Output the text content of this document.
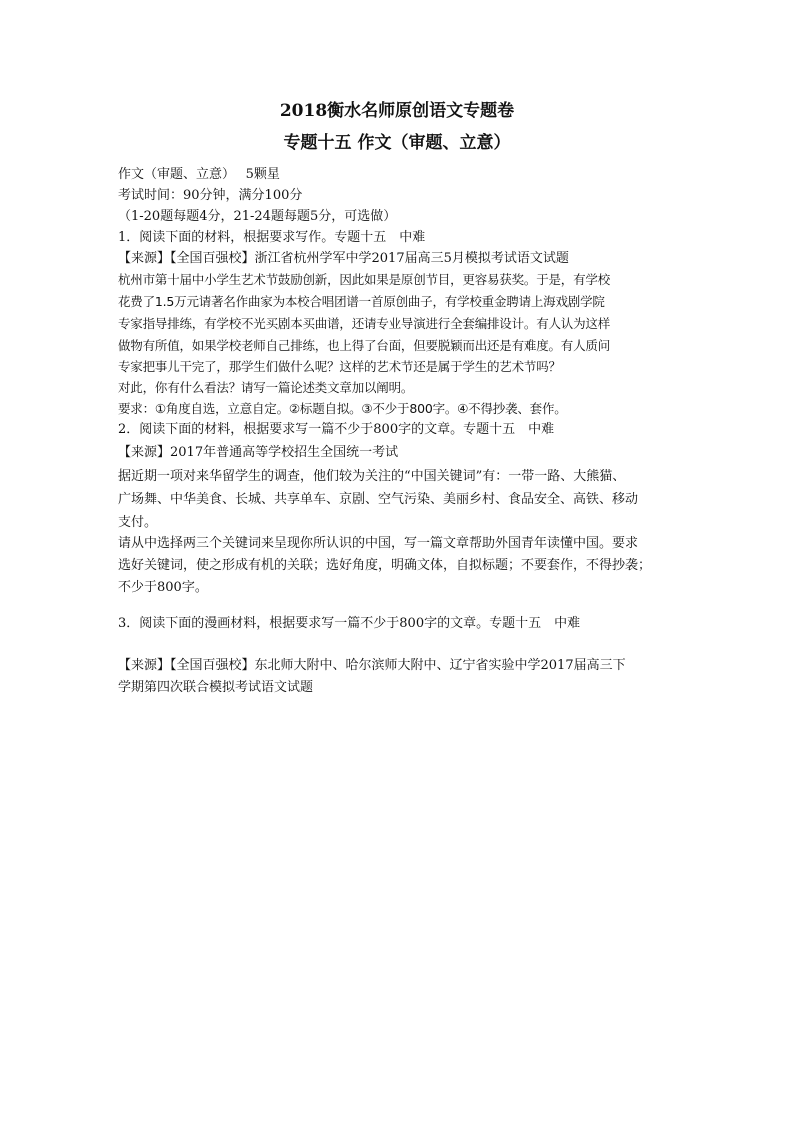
2018衡水名师原创语文专题卷
专题十五 作文（审题、立意）

作文（审题、立意）　 5颗星

考试时间：90分钟，满分100分

（1-20题每题4分，21-24题每题5分，可选做）

1．阅读下面的材料，根据要求写作。专题十五　中难

【来源】【全国百强校】浙江省杭州学军中学2017届高三5月模拟考试语文试题

杭州市第十届中小学生艺术节鼓励创新，因此如果是原创节目，更容易获奖。于是，有学校

花费了1.5万元请著名作曲家为本校合唱团谱一首原创曲子，有学校重金聘请上海戏剧学院

专家指导排练，有学校不光买剧本买曲谱，还请专业导演进行全套编排设计。有人认为这样

做物有所值，如果学校老师自己排练，也上得了台面，但要脱颖而出还是有难度。有人质问

专家把事儿干完了，那学生们做什么呢？这样的艺术节还是属于学生的艺术节吗？

对此，你有什么看法？请写一篇论述类文章加以阐明。

要求：①角度自选，立意自定。②标题自拟。③不少于800字。④不得抄袭、套作。

2．阅读下面的材料，根据要求写一篇不少于800字的文章。专题十五　中难

【来源】2017年普通高等学校招生全国统一考试

据近期一项对来华留学生的调查，他们较为关注的“中国关键词”有：一带一路、大熊猫、

广场舞、中华美食、长城、共享单车、京剧、空气污染、美丽乡村、食品安全、高铁、移动

支付。

请从中选择两三个关键词来呈现你所认识的中国，写一篇文章帮助外国青年读懂中国。要求

选好关键词，使之形成有机的关联；选好角度，明确文体，自拟标题；不要套作，不得抄袭；

不少于800字。

3．阅读下面的漫画材料，根据要求写一篇不少于800字的文章。专题十五　中难

【来源】【全国百强校】东北师大附中、哈尔滨师大附中、辽宁省实验中学2017届高三下

学期第四次联合模拟考试语文试题
